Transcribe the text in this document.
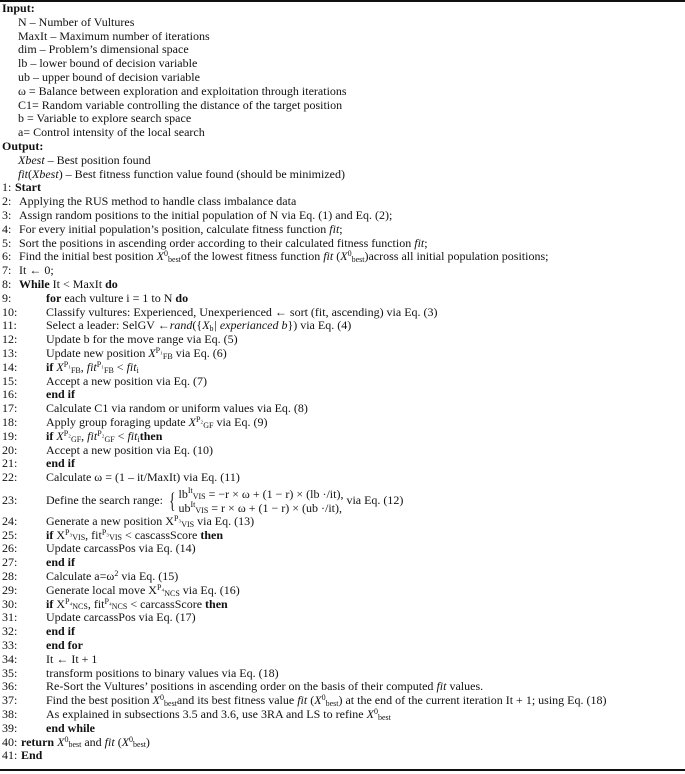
Input:
N – Number of Vultures
MaxIt – Maximum number of iterations
dim – Problem’s dimensional space
lb – lower bound of decision variable
ub – upper bound of decision variable
ω = Balance between exploration and exploitation through iterations
C1= Random variable controlling the distance of the target position
b = Variable to explore search space
a= Control intensity of the local search
Output:
Xbest – Best position found
fit(Xbest) – Best fitness function value found (should be minimized)
1: Start
2: Applying the RUS method to handle class imbalance data
3: Assign random positions to the initial population of N via Eq. (1) and Eq. (2);
4: For every initial population’s position, calculate fitness function fit;
5: Sort the positions in ascending order according to their calculated fitness function fit;
6: Find the initial best position X0bestof the lowest fitness function fit (X0best)across all initial population positions;
7: It ← 0;
8: While It < MaxIt do
9:	for each vulture i = 1 to N do
10: Classify vultures: Experienced, Unexperienced ← sort (fit, ascending) via Eq. (3)
11: Select a leader: SelGV ←rand({Xb| experianced b}) via Eq. (4)
12: Update b for the move range via Eq. (5)
13: Update new position XP₁FB via Eq. (6)
14: if XP₁FB, fitP₁FB < fiti
15: Accept a new position via Eq. (7)
16: end if
17: Calculate C1 via random or uniform values via Eq. (8)
18: Apply group foraging update XP₂GF via Eq. (9)
19: if XP₂GF, fitP₂GF < fitithen
20: Accept a new position via Eq. (10)
21: end if
22: Calculate ω = (1 – it/MaxIt) via Eq. (11)
23: Define the search range: { lbItVIS = −r × ω + (1 − r) × (lb ·/it),
ubItVIS = r × ω + (1 − r) × (ub ·/it),
via Eq. (12)
24: Generate a new position XP₃VIS via Eq. (13)
25: if XP₃VIS, fitP₃VIS < cascassScore then
26: Update carcassPos via Eq. (14)
27: end if
28: Calculate a=ω2 via Eq. (15)
29: Generate local move XP₄NCS via Eq. (16)
30: if XP₄NCS, fitP₄NCS < carcassScore then
31: Update carcassPos via Eq. (17)
32: end if
33: end for
34: It ← It + 1
35: transform positions to binary values via Eq. (18)
36: Re-Sort the Vultures’ positions in ascending order on the basis of their computed fit values.
37: Find the best position X0bestand its best fitness value fit (X0best) at the end of the current iteration It + 1; using Eq. (18)
38: As explained in subsections 3.5 and 3.6, use 3RA and LS to refine X0best
39: end while
40: return X0best and fit (X0best)
41: End
